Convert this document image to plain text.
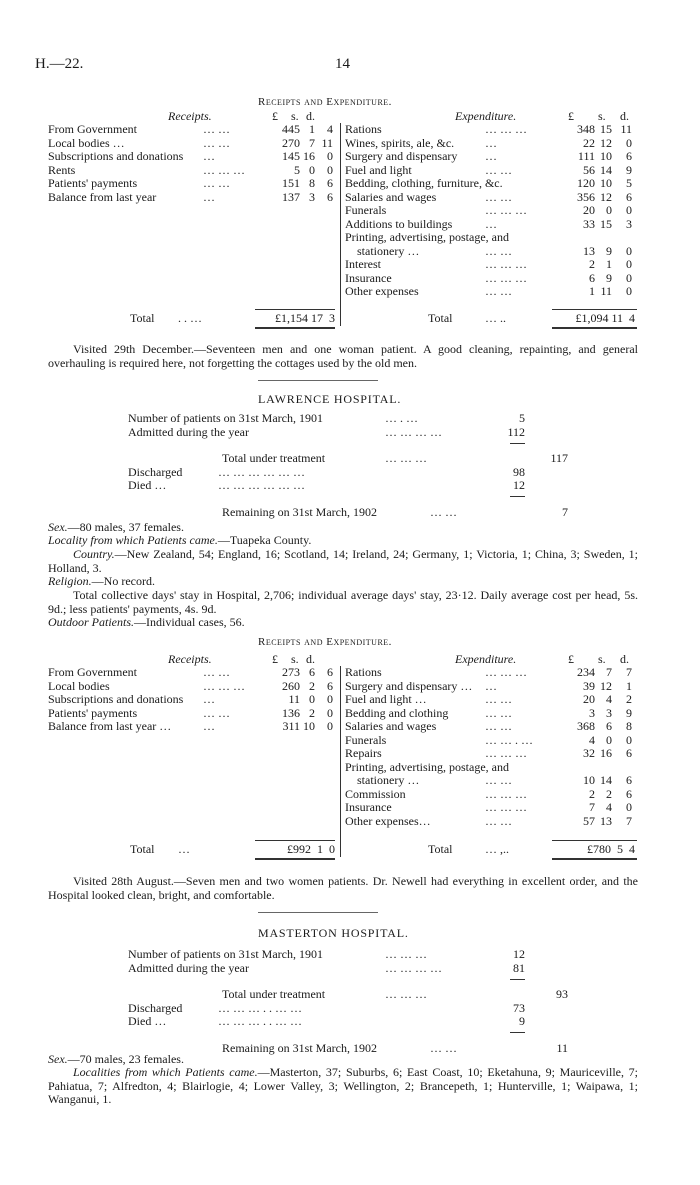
H.—22.	14
Receipts and Expenditure.
Receipts.	Expenditure.
£ s. d.	£ s. d.
From Government	… …	445 1	4
Local bodies …	… …	270 7 11
Subscriptions and donations …	145 16	0
Rents	… … …	5 0	0
Patients' payments	… …	151 8	6
Balance from last year	…	137 3	6
Rations	… … …	348 15 11
Wines, spirits, ale, &c.	…	22 12	0
Surgery and dispensary …	111 10	6
Fuel and light	… …	56 14	9
Bedding, clothing, furniture, &c.	120 10	5
Salaries and wages	… …	356 12	6
Funerals	… … …	20 0	0
Additions to buildings	…	33 15	3
Printing, advertising, postage, and
stationery …	… …	13 9	0
Interest	… … …	2 1	0
Insurance	… … …	6 9	0
Other expenses	… …	1 11	0
Total . . …	£1,154 17  3	Total	… ..	£1,094 11  4
Visited 29th December.—Seventeen men and one woman patient. A good cleaning, repainting, and general overhauling is required here, not forgetting the cottages used by the old men.
LAWRENCE HOSPITAL.
Number of patients on 31st March, 1901	… . …	5
Admitted during the year	… … … …	112
Total under treatment	… … …	117
Discharged	… … … … … …	98
Died …	… … … … … …	12
Remaining on 31st March, 1902	… …	7
Sex.—80 males, 37 females.
Locality from which Patients came.—Tuapeka County.
Country.—New Zealand, 54; England, 16; Scotland, 14; Ireland, 24; Germany, 1; Victoria, 1; China, 3; Sweden, 1; Holland, 3.
Religion.—No record.
Total collective days' stay in Hospital, 2,706; individual average days' stay, 23·12. Daily average cost per head, 5s. 9d.; less patients' payments, 4s. 9d.
Outdoor Patients.—Individual cases, 56.
Receipts and Expenditure.
Receipts.	Expenditure.
£ s. d.	£ s. d.
From Government	… …	273 6	6
Local bodies	… … …	260 2	6
Subscriptions and donations …	11 0	0
Patients' payments	… …	136 2	0
Balance from last year …	…	311 10	0
Rations	… … …	234 7	7
Surgery and dispensary … …	39 12	1
Fuel and light …	… …	20 4	2
Bedding and clothing	… …	3 3	9
Salaries and wages	… …	368 6	8
Funerals	… … . …	4 0	0
Repairs	… … …	32 16	6
Printing, advertising, postage, and
stationery …	… …	10 14	6
Commission	… … …	2 2	6
Insurance	… … …	7 4	0
Other expenses…	… …	57 13	7
Total …	£992  1  0	Total	… ,..	£780  5  4
Visited 28th August.—Seven men and two women patients. Dr. Newell had everything in excellent order, and the Hospital looked clean, bright, and comfortable.
MASTERTON HOSPITAL.
Number of patients on 31st March, 1901	… … …	12
Admitted during the year	… … … …	81
Total under treatment	… … …	93
Discharged	… … … . . … …	73
Died …	… … … . . … …	9
Remaining on 31st March, 1902	… …	11
Sex.—70 males, 23 females.
Localities from which Patients came.—Masterton, 37; Suburbs, 6; East Coast, 10; Eketahuna, 9; Mauriceville, 7; Pahiatua, 7; Alfredton, 4; Blairlogie, 4; Lower Valley, 3; Wellington, 2; Brancepeth, 1; Hunterville, 1; Waipawa, 1; Wanganui, 1.
